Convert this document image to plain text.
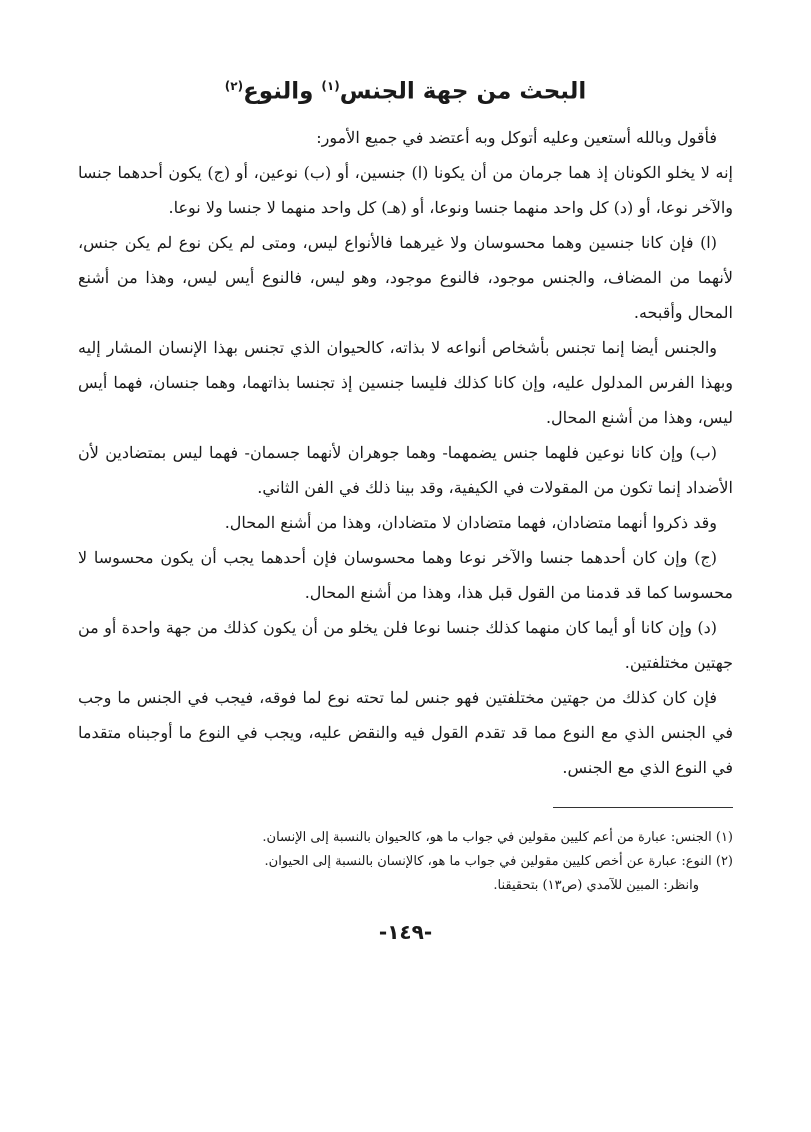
البحث من جهة الجنس$^{(١)}$ والنوع$^{(٢)}$

فأقول وبالله أستعين وعليه أتوكل وبه أعتضد في جميع الأمور:

إنه لا يخلو الكونان إذ هما جرمان من أن يكونا (ا) جنسين، أو (ب) نوعين، أو (ج) يكون أحدهما جنسا والآخر نوعا، أو (د) كل واحد منهما جنسا ونوعا، أو (هـ) كل واحد منهما لا جنسا ولا نوعا.

(ا) فإن كانا جنسين وهما محسوسان ولا غيرهما فالأنواع ليس، ومتى لم يكن نوع لم يكن جنس، لأنهما من المضاف، والجنس موجود، فالنوع موجود، وهو ليس، فالنوع أيس ليس، وهذا من أشنع المحال وأقبحه.

والجنس أيضا إنما تجنس بأشخاص أنواعه لا بذاته، كالحيوان الذي تجنس بهذا الإنسان المشار إليه وبهذا الفرس المدلول عليه، وإن كانا كذلك فليسا جنسين إذ تجنسا بذاتهما، وهما جنسان، فهما أيس ليس، وهذا من أشنع المحال.

(ب) وإن كانا نوعين فلهما جنس يضمهما- وهما جوهران لأنهما جسمان- فهما ليس بمتضادين لأن الأضداد إنما تكون من المقولات في الكيفية، وقد بينا ذلك في الفن الثاني.

وقد ذكروا أنهما متضادان، فهما متضادان لا متضادان، وهذا من أشنع المحال.

(ج) وإن كان أحدهما جنسا والآخر نوعا وهما محسوسان فإن أحدهما يجب أن يكون محسوسا لا محسوسا كما قد قدمنا من القول قبل هذا، وهذا من أشنع المحال.

(د) وإن كانا أو أيما كان منهما كذلك جنسا نوعا فلن يخلو من أن يكون كذلك من جهة واحدة أو من جهتين مختلفتين.

فإن كان كذلك من جهتين مختلفتين فهو جنس لما تحته نوع لما فوقه، فيجب في الجنس ما وجب في الجنس الذي مع النوع مما قد تقدم القول فيه والنقض عليه، ويجب في النوع ما أوجبناه متقدما في النوع الذي مع الجنس.

(١) الجنس: عبارة من أعم كليين مقولين في جواب ما هو، كالحيوان بالنسبة إلى الإنسان.

(٢) النوع: عبارة عن أخص كليين مقولين في جواب ما هو، كالإنسان بالنسبة إلى الحيوان.

وانظر: المبين للآمدي (ص١٣) بتحقيقنا.

-١٤٩-
